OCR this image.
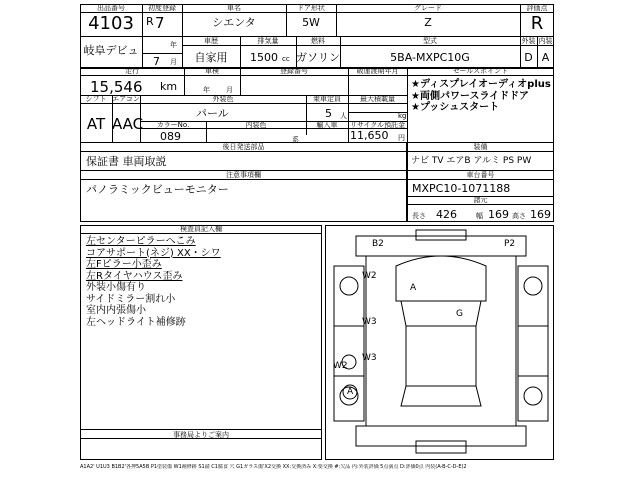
出品番号
4103
初度登録
R 7
車名
シエンタ
ドア形状
5W
グレード
Z
評価点
R
岐阜デビュ	年
7 月
車歴
自家用
排気量
1500 cc
燃料
ガソリン
型式
5BA-MXPC10G
外装 内装
D A
走行
15,546 km
車検
年 月
登録番号	販運渡期年月	セールスポイント
★ディスプレイオーディオplus
★両側パワースライドドア
★プッシュスタート
シフト
AT
エアコン
AAC
外装色
パール
乗車定員
5 人
最大積載量
kg
カラーNo.
089
内装色
系
輸入車	リサイクル預託金
11,650 円
後日発送部品
保証書 車両取説
装備
ナビ TV エアB アルミ PS PW
注意事項欄
パノラミックビューモニター
車台番号
MXPC10-1071188
諸元
長さ 426	幅 169 高さ 169
検査員記入欄
左センターピラーへこみ
コアサポート(ネジ) XX・シワ
左Fピラー小歪み
左Rタイヤハウス歪み
外装小傷有り
サイドミラー割れ小
室内内張傷小
左ヘッドライト補修跡
事務局よりご案内
B2	P2
W2
A
G
W3
W3
W2
A
A1A2' U1U3 B1B2'各押5A5B P1塗装傷 W1補修跡 S1錆 C1腐食 穴 G1ガラス傷'X2交換 XX:交換済み X:要交換 #:欠品 内:外装評価 5点満点 D:評価0点 内装(A-B-C-D-E)2
